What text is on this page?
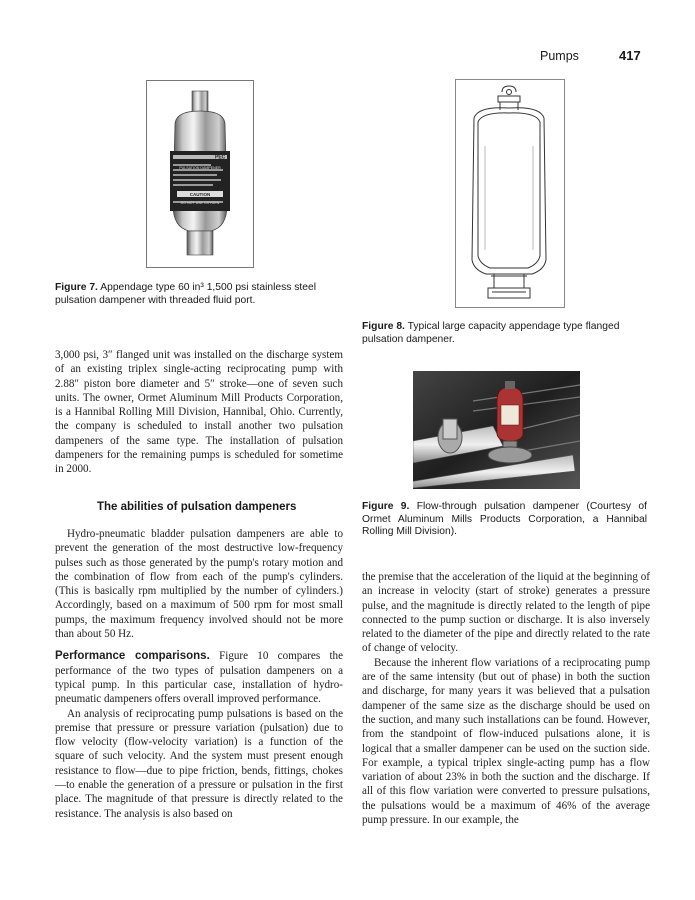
Pumps	417
PEC
PULSATION DAMPENER
CAUTION
DO NOT USE OXYGEN
Figure 7. Appendage type 60 in³ 1,500 psi stainless steel pulsation dampener with threaded fluid port.
Figure 8. Typical large capacity appendage type flanged pulsation dampener.
Figure 9. Flow-through pulsation dampener (Courtesy of Ormet Aluminum Mills Products Corporation, a Hannibal Rolling Mill Division).

3,000 psi, 3″ flanged unit was installed on the discharge system of an existing triplex single-acting reciprocating pump with 2.88″ piston bore diameter and 5″ stroke—one of seven such units. The owner, Ormet Aluminum Mill Products Corporation, is a Hannibal Rolling Mill Division, Hannibal, Ohio. Currently, the company is scheduled to install another two pulsation dampeners of the same type. The installation of pulsation dampeners for the remaining pumps is scheduled for sometime in 2000.

The abilities of pulsation dampeners

Hydro-pneumatic bladder pulsation dampeners are able to prevent the generation of the most destructive low-frequency pulses such as those generated by the pump's rotary motion and the combination of flow from each of the pump's cylinders. (This is basically rpm multiplied by the number of cylinders.) Accordingly, based on a maximum of 500 rpm for most small pumps, the maximum frequency involved should not be more than about 50 Hz.

Performance comparisons. Figure 10 compares the performance of the two types of pulsation dampeners on a typical pump. In this particular case, installation of hydro-pneumatic dampeners offers overall improved performance.

An analysis of reciprocating pump pulsations is based on the premise that pressure or pressure variation (pulsation) due to flow velocity (flow-velocity variation) is a function of the square of such velocity. And the system must present enough resistance to flow—due to pipe friction, bends, fittings, chokes—to enable the generation of a pressure or pulsation in the first place. The magnitude of that pressure is directly related to the resistance. The analysis is also based on

the premise that the acceleration of the liquid at the beginning of an increase in velocity (start of stroke) generates a pressure pulse, and the magnitude is directly related to the length of pipe connected to the pump suction or discharge. It is also inversely related to the diameter of the pipe and directly related to the rate of change of velocity.

Because the inherent flow variations of a reciprocating pump are of the same intensity (but out of phase) in both the suction and discharge, for many years it was believed that a pulsation dampener of the same size as the discharge should be used on the suction, and many such installations can be found. However, from the standpoint of flow-induced pulsations alone, it is logical that a smaller dampener can be used on the suction side. For example, a typical triplex single-acting pump has a flow variation of about 23% in both the suction and the discharge. If all of this flow variation were converted to pressure pulsations, the pulsations would be a maximum of 46% of the average pump pressure. In our example, the
